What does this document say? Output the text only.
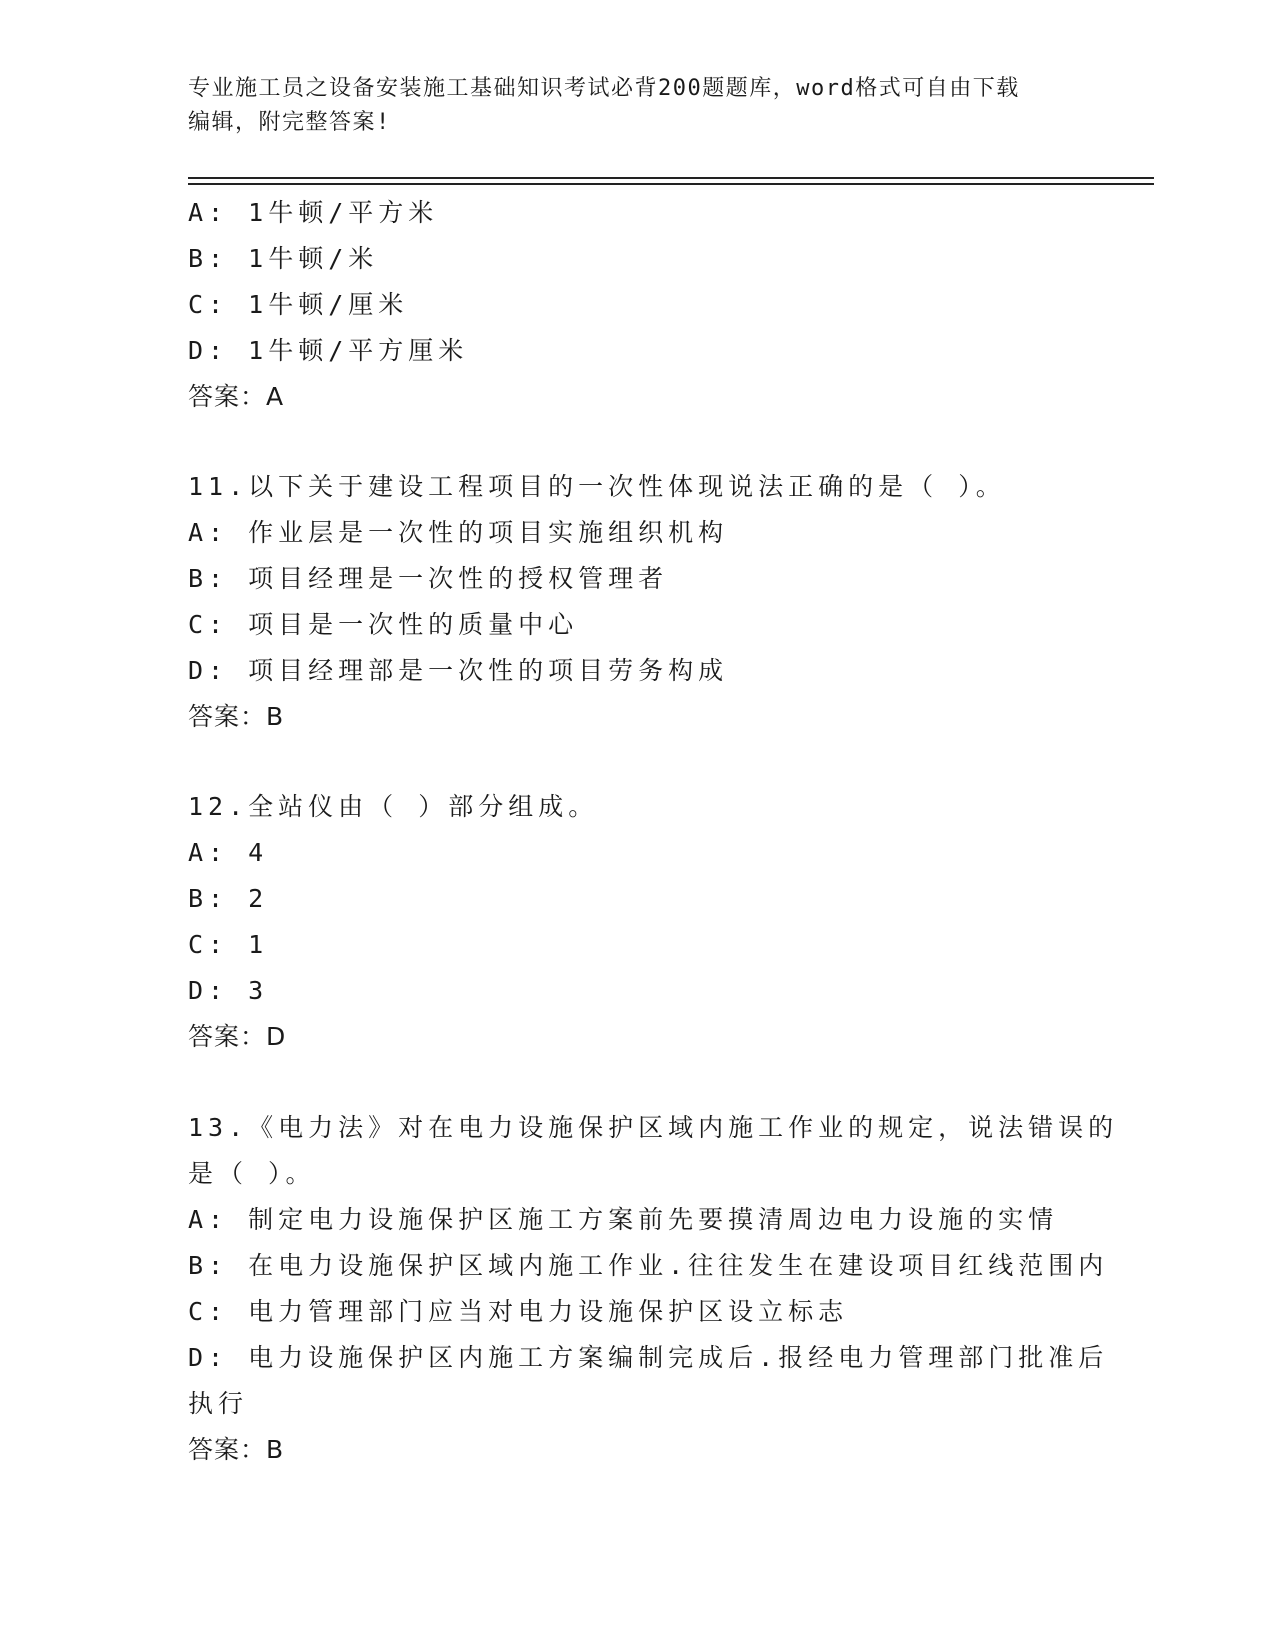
专业施工员之设备安装施工基础知识考试必背200题题库，word格式可自由下载
编辑，附完整答案!
A: 1牛顿/平方米
B: 1牛顿/米
C: 1牛顿/厘米
D: 1牛顿/平方厘米
答案：A
11.以下关于建设工程项目的一次性体现说法正确的是（ ）。
A: 作业层是一次性的项目实施组织机构
B: 项目经理是一次性的授权管理者
C: 项目是一次性的质量中心
D: 项目经理部是一次性的项目劳务构成
答案：B
12.全站仪由（ ）部分组成。
A: 4
B: 2
C: 1
D: 3
答案：D
13.《电力法》对在电力设施保护区域内施工作业的规定，说法错误的
是（ ）。
A: 制定电力设施保护区施工方案前先要摸清周边电力设施的实情
B: 在电力设施保护区域内施工作业.往往发生在建设项目红线范围内
C: 电力管理部门应当对电力设施保护区设立标志
D: 电力设施保护区内施工方案编制完成后.报经电力管理部门批准后
执行
答案：B
